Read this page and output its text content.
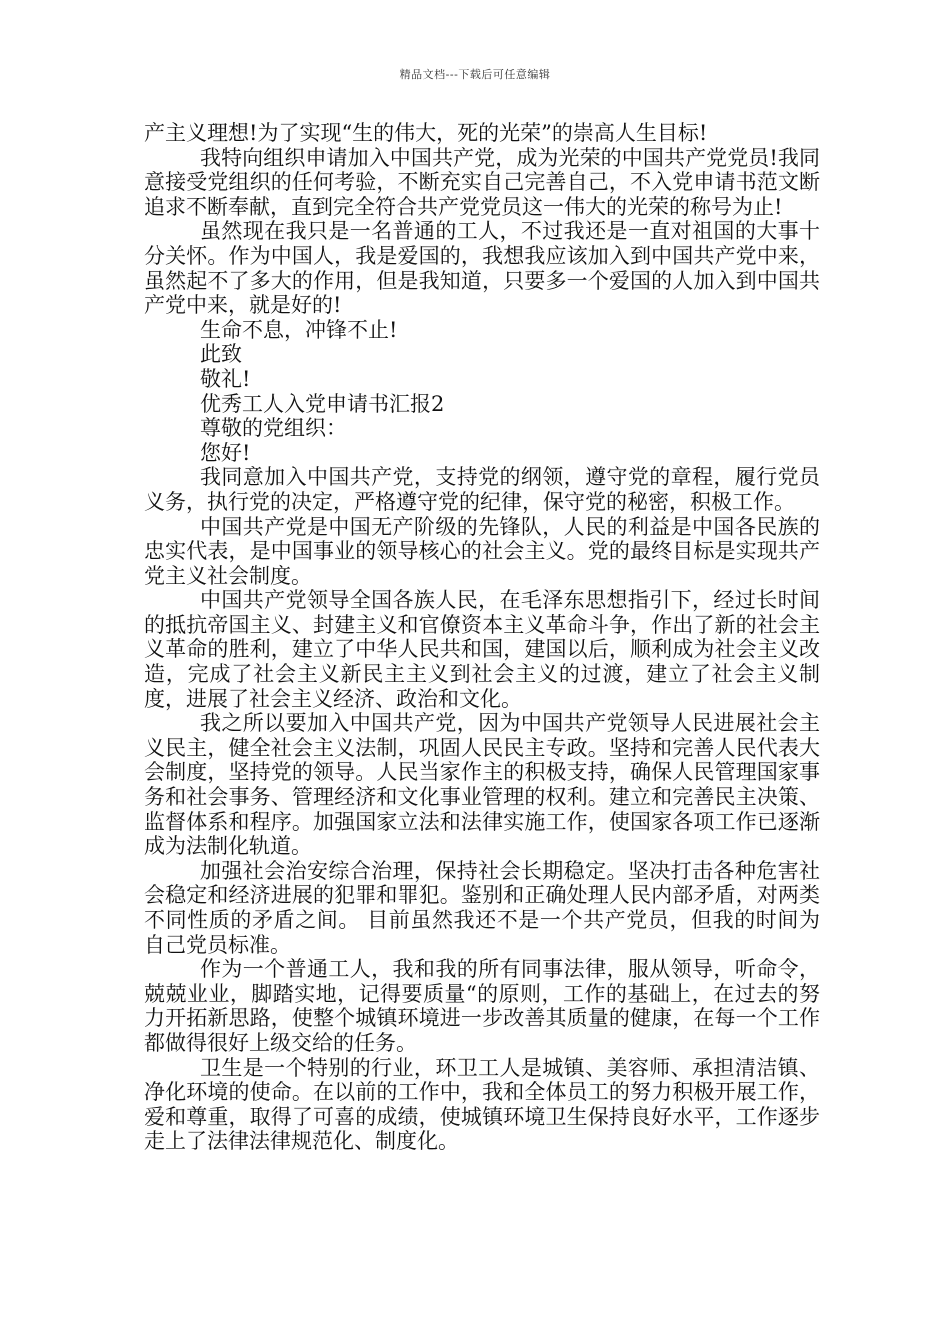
精品文档---下载后可任意编辑

产主义理想!为了实现“生的伟大，死的光荣”的崇高人生目标!

我特向组织申请加入中国共产党，成为光荣的中国共产党党员!我同意接受党组织的任何考验，不断充实自己完善自己，不入党申请书范文断追求不断奉献，直到完全符合共产党党员这一伟大的光荣的称号为止!

虽然现在我只是一名普通的工人，不过我还是一直对祖国的大事十分关怀。作为中国人，我是爱国的，我想我应该加入到中国共产党中来，虽然起不了多大的作用，但是我知道，只要多一个爱国的人加入到中国共产党中来，就是好的!

生命不息，冲锋不止!

此致

敬礼!

优秀工人入党申请书汇报2

尊敬的党组织：

您好!

我同意加入中国共产党，支持党的纲领，遵守党的章程，履行党员义务，执行党的决定，严格遵守党的纪律，保守党的秘密，积极工作。

中国共产党是中国无产阶级的先锋队，人民的利益是中国各民族的忠实代表，是中国事业的领导核心的社会主义。党的最终目标是实现共产党主义社会制度。

中国共产党领导全国各族人民，在毛泽东思想指引下，经过长时间的抵抗帝国主义、封建主义和官僚资本主义革命斗争，作出了新的社会主义革命的胜利，建立了中华人民共和国，建国以后，顺利成为社会主义改造，完成了社会主义新民主主义到社会主义的过渡，建立了社会主义制度，进展了社会主义经济、政治和文化。

我之所以要加入中国共产党，因为中国共产党领导人民进展社会主义民主，健全社会主义法制，巩固人民民主专政。坚持和完善人民代表大会制度，坚持党的领导。人民当家作主的积极支持，确保人民管理国家事务和社会事务、管理经济和文化事业管理的权利。建立和完善民主决策、监督体系和程序。加强国家立法和法律实施工作，使国家各项工作已逐渐成为法制化轨道。

加强社会治安综合治理，保持社会长期稳定。坚决打击各种危害社会稳定和经济进展的犯罪和罪犯。鉴别和正确处理人民内部矛盾，对两类不同性质的矛盾之间。 目前虽然我还不是一个共产党员，但我的时间为自己党员标准。

作为一个普通工人，我和我的所有同事法律，服从领导，听命令，兢兢业业，脚踏实地，记得要质量“的原则，工作的基础上，在过去的努力开拓新思路，使整个城镇环境进一步改善其质量的健康，在每一个工作都做得很好上级交给的任务。

卫生是一个特别的行业，环卫工人是城镇、美容师、承担清洁镇、净化环境的使命。在以前的工作中，我和全体员工的努力积极开展工作，爱和尊重，取得了可喜的成绩，使城镇环境卫生保持良好水平，工作逐步走上了法律法律规范化、制度化。
